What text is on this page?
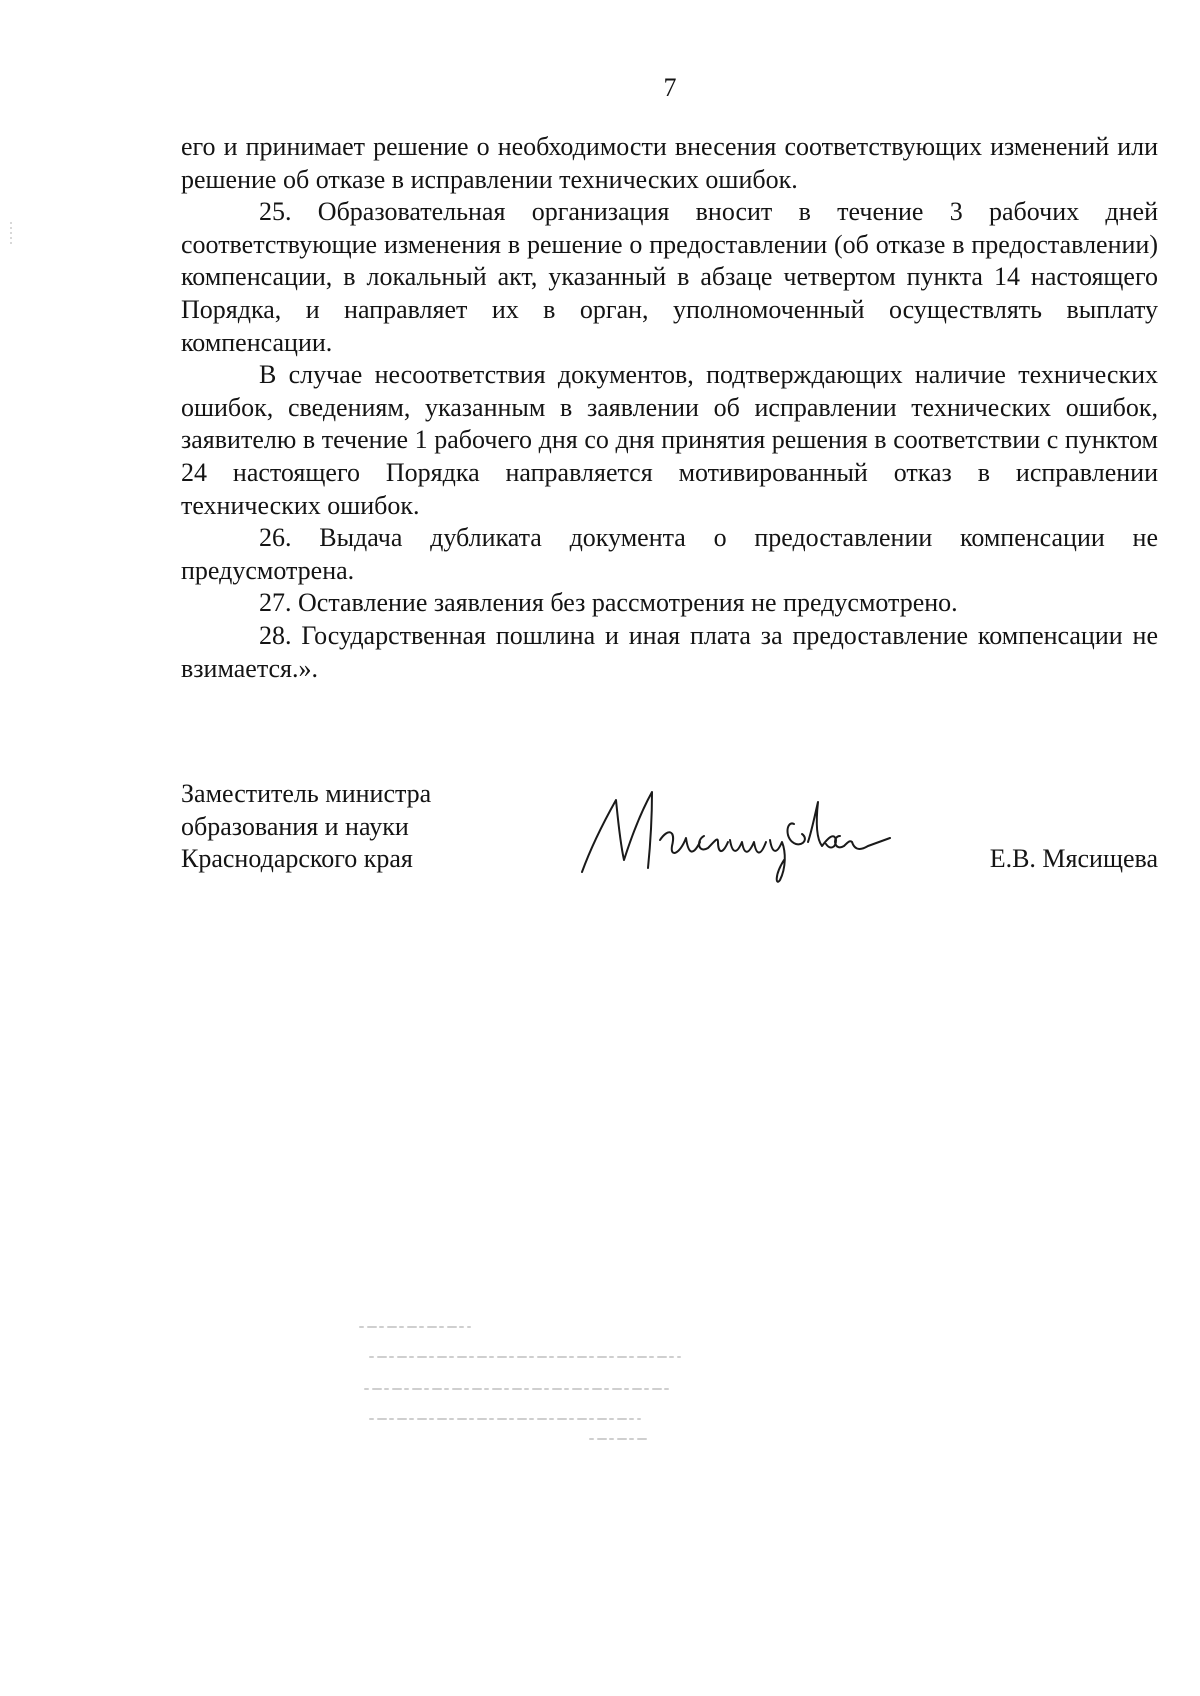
7

его и принимает решение о необходимости внесения соответствующих изменений или решение об отказе в исправлении технических ошибок.

25. Образовательная организация вносит в течение 3 рабочих дней соответствующие изменения в решение о предоставлении (об отказе в предоставлении) компенсации, в локальный акт, указанный в абзаце четвертом пункта 14 настоящего Порядка, и направляет их в орган, уполномоченный осуществлять выплату компенсации.

В случае несоответствия документов, подтверждающих наличие технических ошибок, сведениям, указанным в заявлении об исправлении технических ошибок, заявителю в течение 1 рабочего дня со дня принятия решения в соответствии с пунктом 24 настоящего Порядка направляется мотивированный отказ в исправлении технических ошибок.

26. Выдача дубликата документа о предоставлении компенсации не предусмотрена.

27. Оставление заявления без рассмотрения не предусмотрено.

28. Государственная пошлина и иная плата за предоставление компенсации не взимается.».

Заместитель министра
образования и науки
Краснодарского края	Е.В. Мясищева
